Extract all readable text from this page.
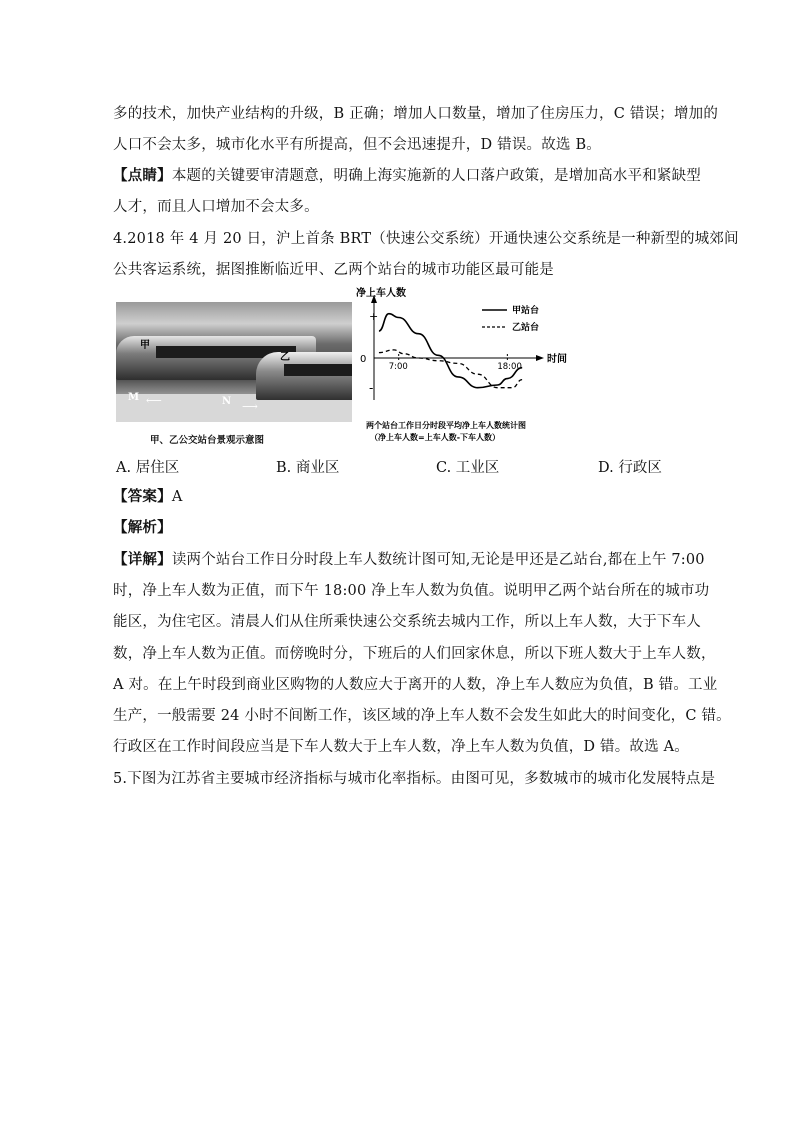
多的技术，加快产业结构的升级，B 正确；增加人口数量，增加了住房压力，C 错误；增加的
人口不会太多，城市化水平有所提高，但不会迅速提升，D 错误。故选 B。
【点睛】本题的关键要审清题意，明确上海实施新的人口落户政策，是增加高水平和紧缺型
人才，而且人口增加不会太多。
4.2018 年 4 月 20 日，沪上首条 BRT（快速公交系统）开通快速公交系统是一种新型的城郊间
公共客运系统，据图推断临近甲、乙两个站台的城市功能区最可能是
甲
乙
M	N
⟵	⟶
甲、乙公交站台景观示意图
净上车人数
时间
+
0
-
7:00	18:00
甲站台
乙站台
两个站台工作日分时段平均净上车人数统计图
（净上车人数=上车人数-下车人数）
A. 居住区	B. 商业区	C. 工业区	D. 行政区
【答案】A
【解析】
【详解】读两个站台工作日分时段上车人数统计图可知,无论是甲还是乙站台,都在上午 7:00
时，净上车人数为正值，而下午 18:00 净上车人数为负值。说明甲乙两个站台所在的城市功
能区，为住宅区。清晨人们从住所乘快速公交系统去城内工作，所以上车人数，大于下车人
数，净上车人数为正值。而傍晚时分，下班后的人们回家休息，所以下班人数大于上车人数，
A 对。在上午时段到商业区购物的人数应大于离开的人数，净上车人数应为负值，B 错。工业
生产，一般需要 24 小时不间断工作，该区域的净上车人数不会发生如此大的时间变化，C 错。
行政区在工作时间段应当是下车人数大于上车人数，净上车人数为负值，D 错。故选 A。
5.下图为江苏省主要城市经济指标与城市化率指标。由图可见，多数城市的城市化发展特点是
